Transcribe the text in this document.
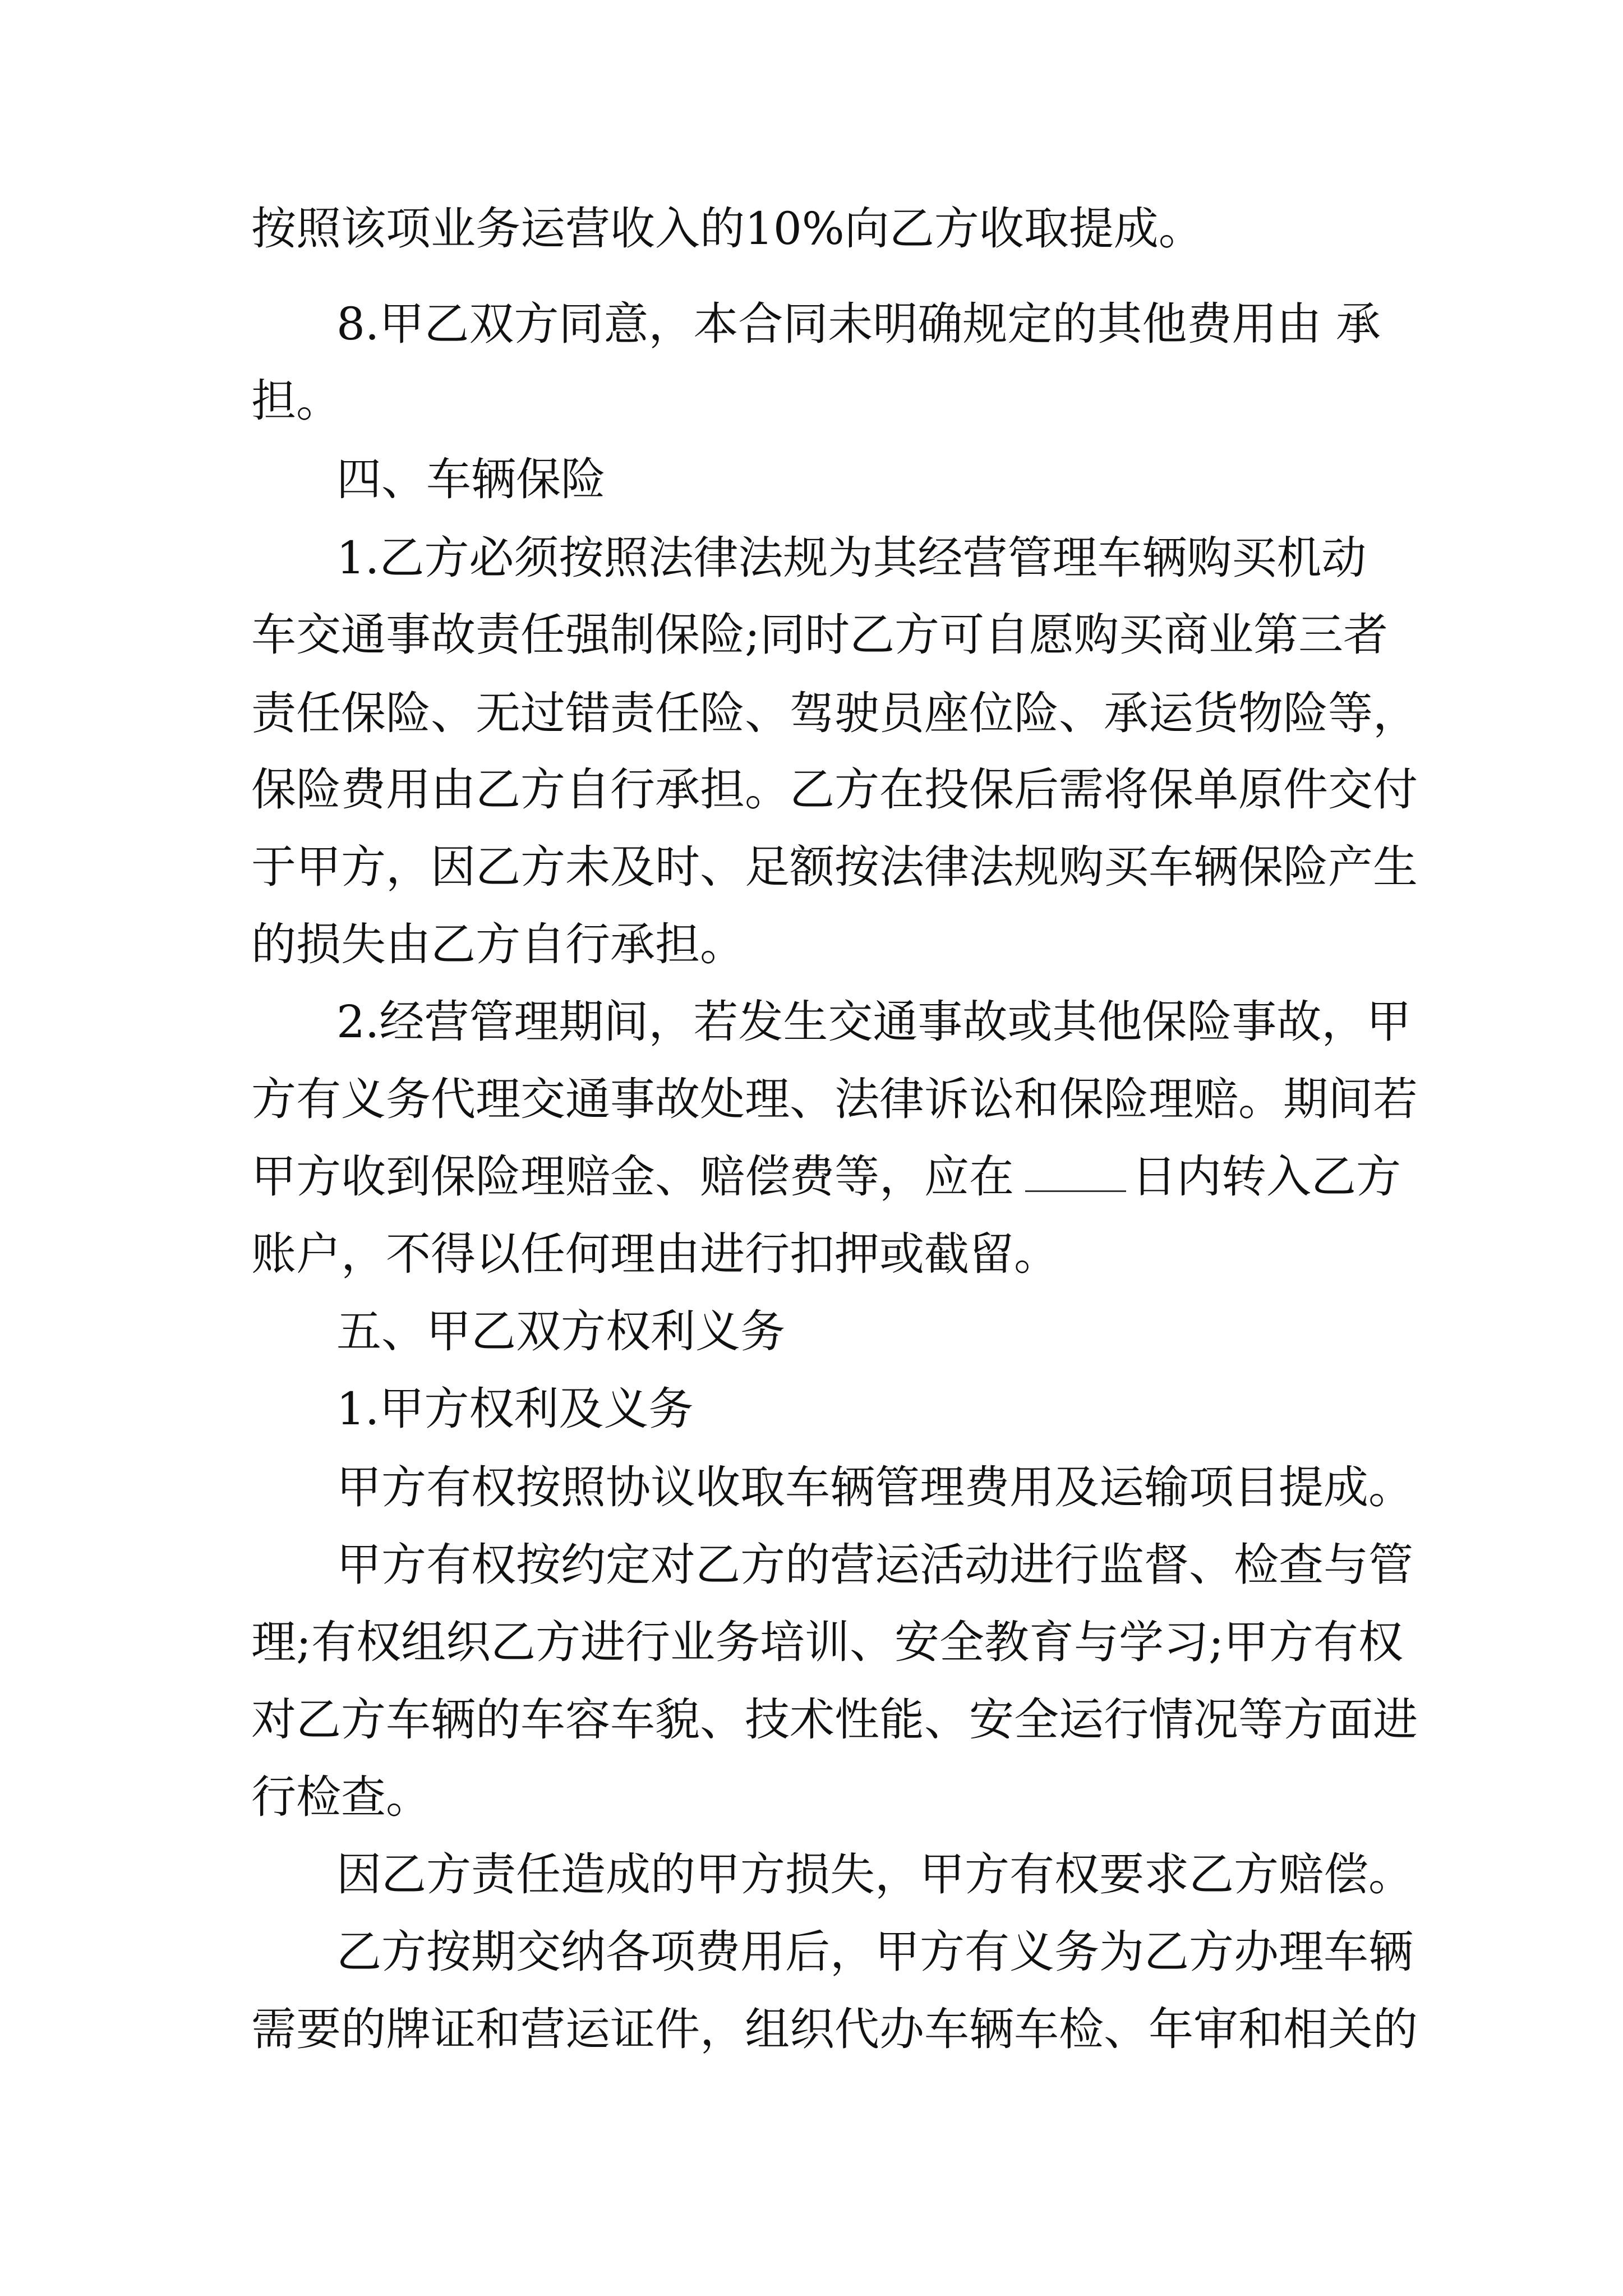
按照该项业务运营收入的10%向乙方收取提成。
8.甲乙双方同意，本合同未明确规定的其他费用由 承
担。
四、车辆保险
1.乙方必须按照法律法规为其经营管理车辆购买机动
车交通事故责任强制保险;同时乙方可自愿购买商业第三者
责任保险、无过错责任险、驾驶员座位险、承运货物险等，
保险费用由乙方自行承担。乙方在投保后需将保单原件交付
于甲方，因乙方未及时、足额按法律法规购买车辆保险产生
的损失由乙方自行承担。
2.经营管理期间，若发生交通事故或其他保险事故，甲
方有义务代理交通事故处理、法律诉讼和保险理赔。期间若
甲方收到保险理赔金、赔偿费等，应在	日内转入乙方
账户，不得以任何理由进行扣押或截留。
五、甲乙双方权利义务
1.甲方权利及义务
甲方有权按照协议收取车辆管理费用及运输项目提成。
甲方有权按约定对乙方的营运活动进行监督、检查与管
理;有权组织乙方进行业务培训、安全教育与学习;甲方有权
对乙方车辆的车容车貌、技术性能、安全运行情况等方面进
行检查。
因乙方责任造成的甲方损失，甲方有权要求乙方赔偿。
乙方按期交纳各项费用后，甲方有义务为乙方办理车辆
需要的牌证和营运证件，组织代办车辆车检、年审和相关的
